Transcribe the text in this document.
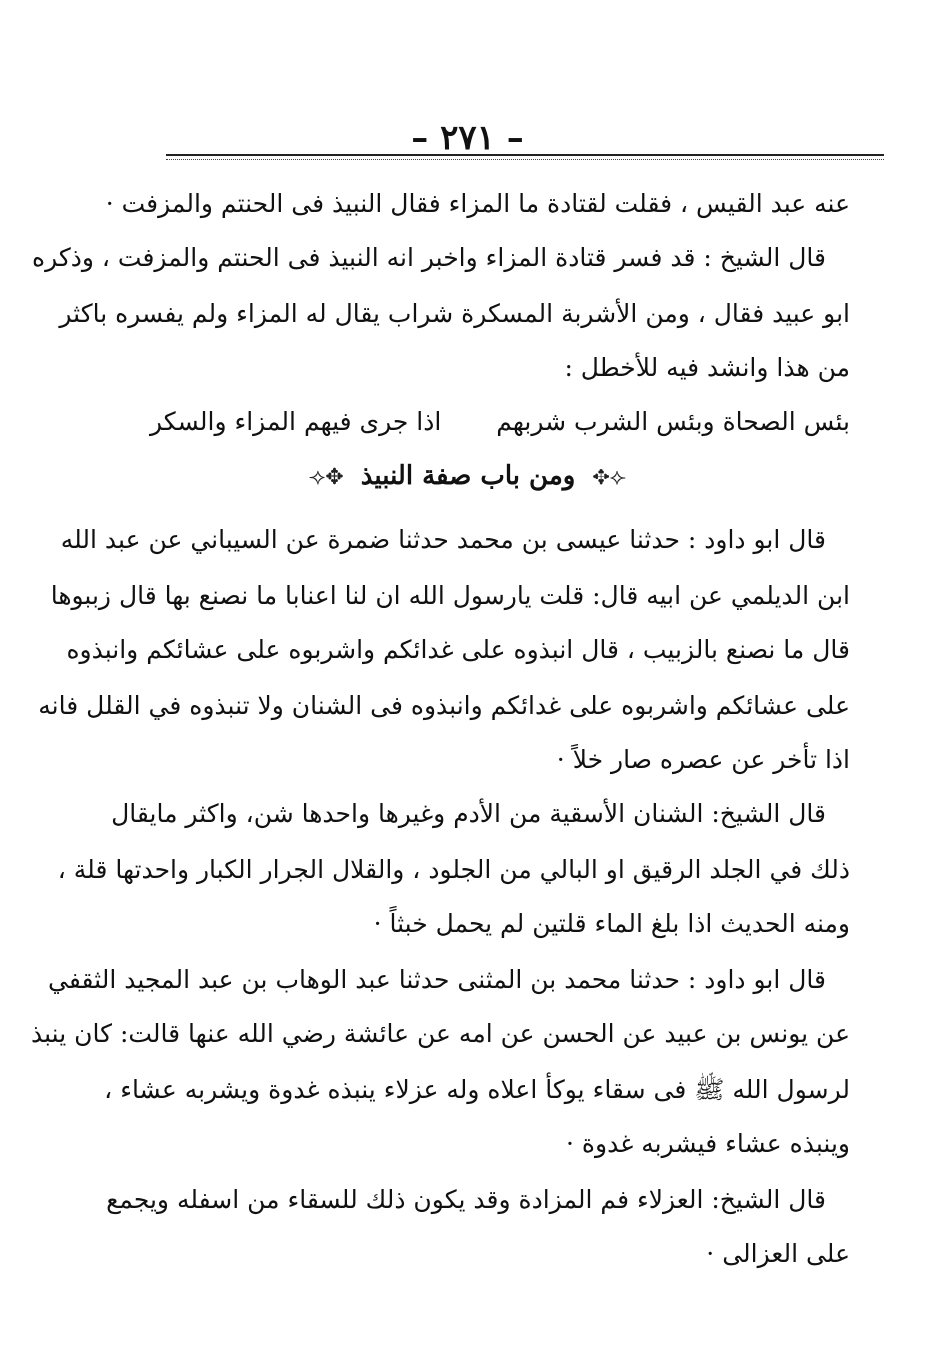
– ٢٧١ –
عنه عبد القيس ، فقلت لقتادة ما المزاء فقال النبيذ فى الحنتم والمزفت ·
قال الشيخ : قد فسر قتادة المزاء واخبر انه النبيذ فى الحنتم والمزفت ، وذكره
ابو عبيد فقال ، ومن الأشربة المسكرة شراب يقال له المزاء ولم يفسره باكثر
من هذا وانشد فيه للأخطل :
بئس الصحاة وبئس الشرب شربهم
اذا جرى فيهم المزاء والسكر
⟢✥ ومن باب صفة النبيذ ✥⟣
قال ابو داود : حدثنا عيسى بن محمد حدثنا ضمرة عن السيباني عن عبد الله
ابن الديلمي عن ابيه قال: قلت يارسول الله ان لنا اعنابا ما نصنع بها قال زببوها
قال ما نصنع بالزبيب ، قال انبذوه على غدائكم واشربوه على عشائكم وانبذوه
على عشائكم واشربوه على غدائكم وانبذوه فى الشنان ولا تنبذوه في القلل فانه
اذا تأخر عن عصره صار خلاً ·
قال الشيخ: الشنان الأسقية من الأدم وغيرها واحدها شن، واكثر مايقال
ذلك في الجلد الرقيق او البالي من الجلود ، والقلال الجرار الكبار واحدتها قلة ،
ومنه الحديث اذا بلغ الماء قلتين لم يحمل خبثاً ·
قال ابو داود : حدثنا محمد بن المثنى حدثنا عبد الوهاب بن عبد المجيد الثقفي
عن يونس بن عبيد عن الحسن عن امه عن عائشة رضي الله عنها قالت: كان ينبذ
لرسول الله ﷺ فى سقاء يوكأ اعلاه وله عزلاء ينبذه غدوة ويشربه عشاء ،
وينبذه عشاء فيشربه غدوة ·
قال الشيخ: العزلاء فم المزادة وقد يكون ذلك للسقاء من اسفله ويجمع
على العزالى ·
